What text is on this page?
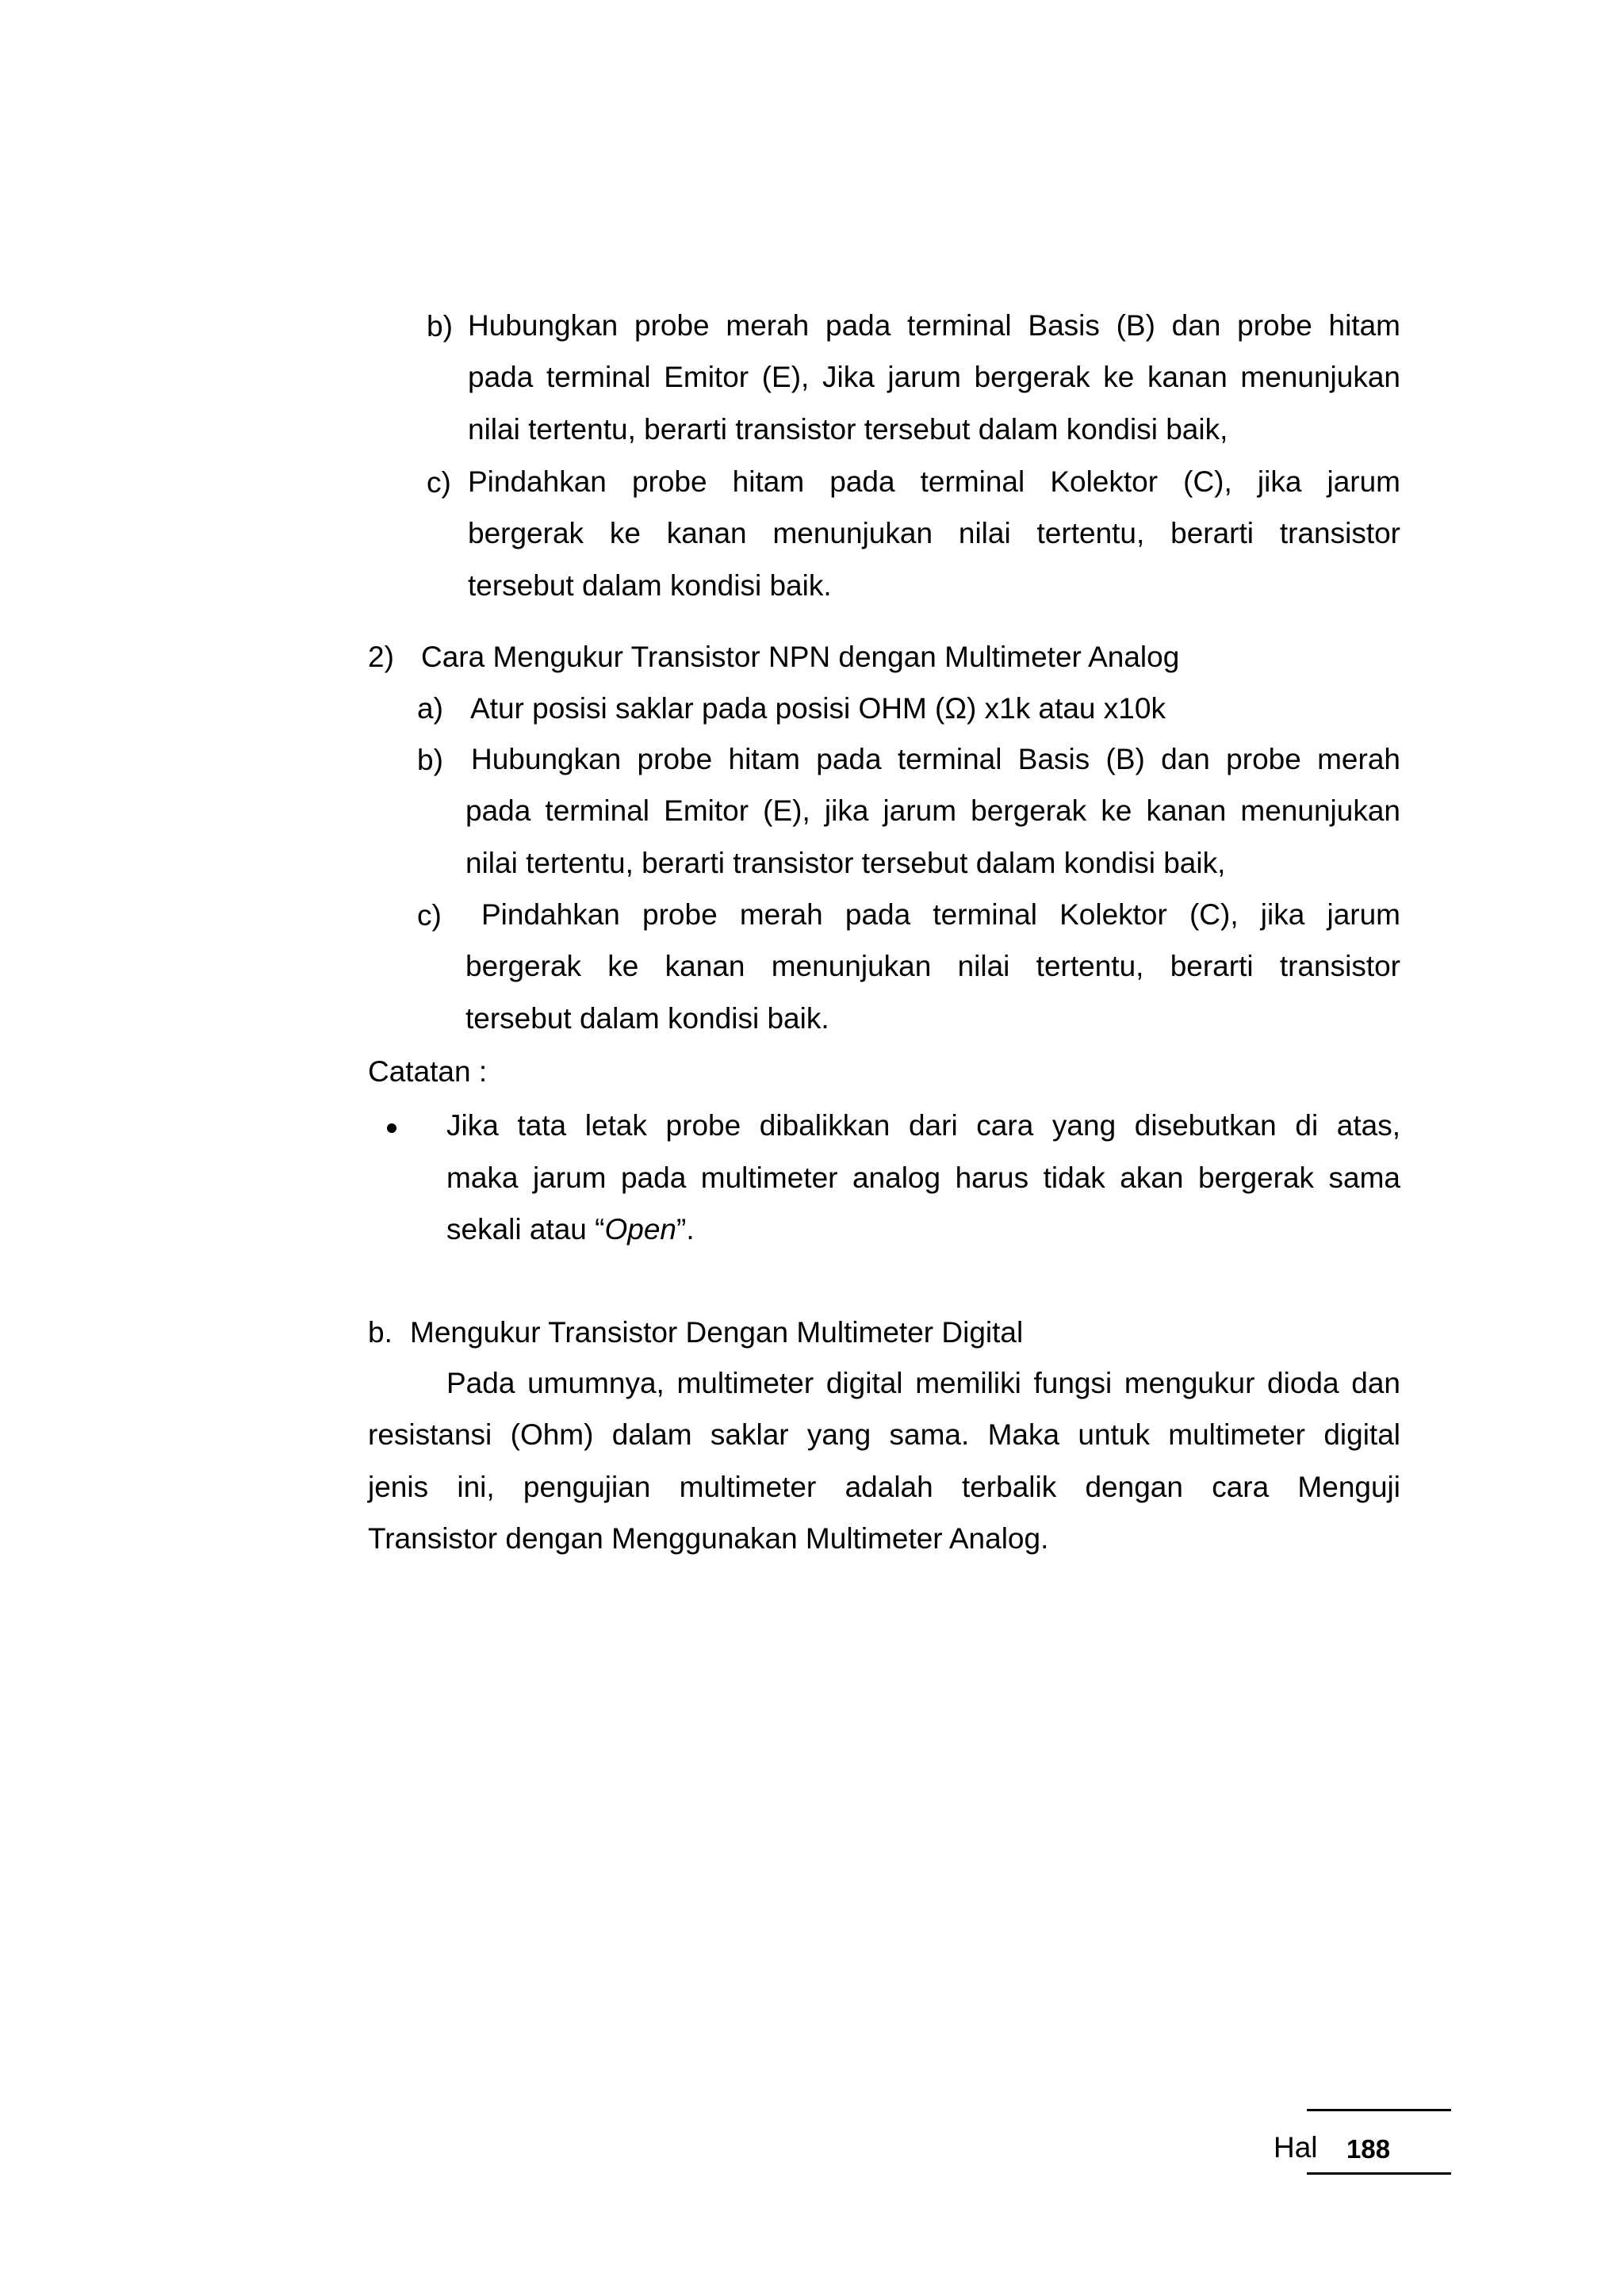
b) Hubungkan probe merah pada terminal Basis (B) dan probe hitam
pada terminal Emitor (E), Jika jarum bergerak ke kanan menunjukan
nilai tertentu, berarti transistor tersebut dalam kondisi baik,
c) Pindahkan probe hitam pada terminal Kolektor (C), jika jarum
bergerak ke kanan menunjukan nilai tertentu, berarti transistor
tersebut dalam kondisi baik.
2) Cara Mengukur Transistor NPN dengan Multimeter Analog
a) Atur posisi saklar pada posisi OHM (Ω) x1k atau x10k
b) Hubungkan probe hitam pada terminal Basis (B) dan probe merah
pada terminal Emitor (E), jika jarum bergerak ke kanan menunjukan
nilai tertentu, berarti transistor tersebut dalam kondisi baik,
c) Pindahkan probe merah pada terminal Kolektor (C), jika jarum
bergerak ke kanan menunjukan nilai tertentu, berarti transistor
tersebut dalam kondisi baik.
Catatan :
Jika tata letak probe dibalikkan dari cara yang disebutkan di atas,
maka jarum pada multimeter analog harus tidak akan bergerak sama
sekali atau “Open”.
b. Mengukur Transistor Dengan Multimeter Digital
Pada umumnya, multimeter digital memiliki fungsi mengukur dioda dan
resistansi (Ohm) dalam saklar yang sama. Maka untuk multimeter digital
jenis ini, pengujian multimeter adalah terbalik dengan cara Menguji
Transistor dengan Menggunakan Multimeter Analog.
Hal 188
